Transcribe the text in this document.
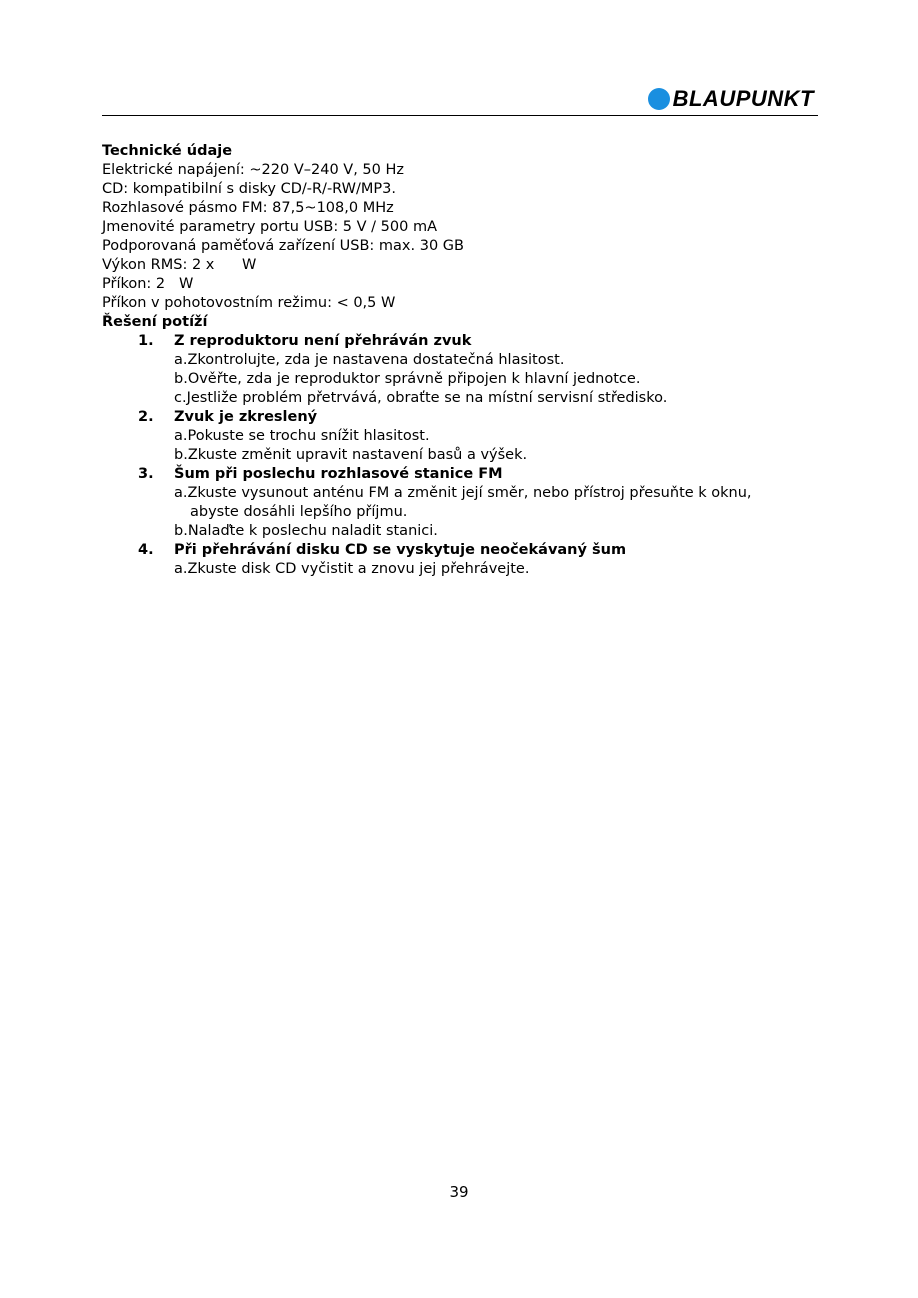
BLAUPUNKT
Technické údaje
Elektrické napájení: ~220 V–240 V, 50 Hz
CD: kompatibilní s disky CD/-R/-RW/MP3.
Rozhlasové pásmo FM: 87,5~108,0 MHz
Jmenovité parametry portu USB: 5 V / 500 mA
Podporovaná paměťová zařízení USB: max. 30 GB
Výkon RMS: 2 x      W
Příkon: 2   W
Příkon v pohotovostním režimu: < 0,5 W
Řešení potíží
1. Z reproduktoru není přehráván zvuk
a.Zkontrolujte, zda je nastavena dostatečná hlasitost.
b.Ověřte, zda je reproduktor správně připojen k hlavní jednotce.
c.Jestliže problém přetrvává, obraťte se na místní servisní středisko.
2. Zvuk je zkreslený
a.Pokuste se trochu snížit hlasitost.
b.Zkuste změnit upravit nastavení basů a výšek.
3. Šum při poslechu rozhlasové stanice FM
a.Zkuste vysunout anténu FM a změnit její směr, nebo přístroj přesuňte k oknu,
abyste dosáhli lepšího příjmu.
b.Nalaďte k poslechu naladit stanici.
4. Při přehrávání disku CD se vyskytuje neočekávaný šum
a.Zkuste disk CD vyčistit a znovu jej přehrávejte.
39
